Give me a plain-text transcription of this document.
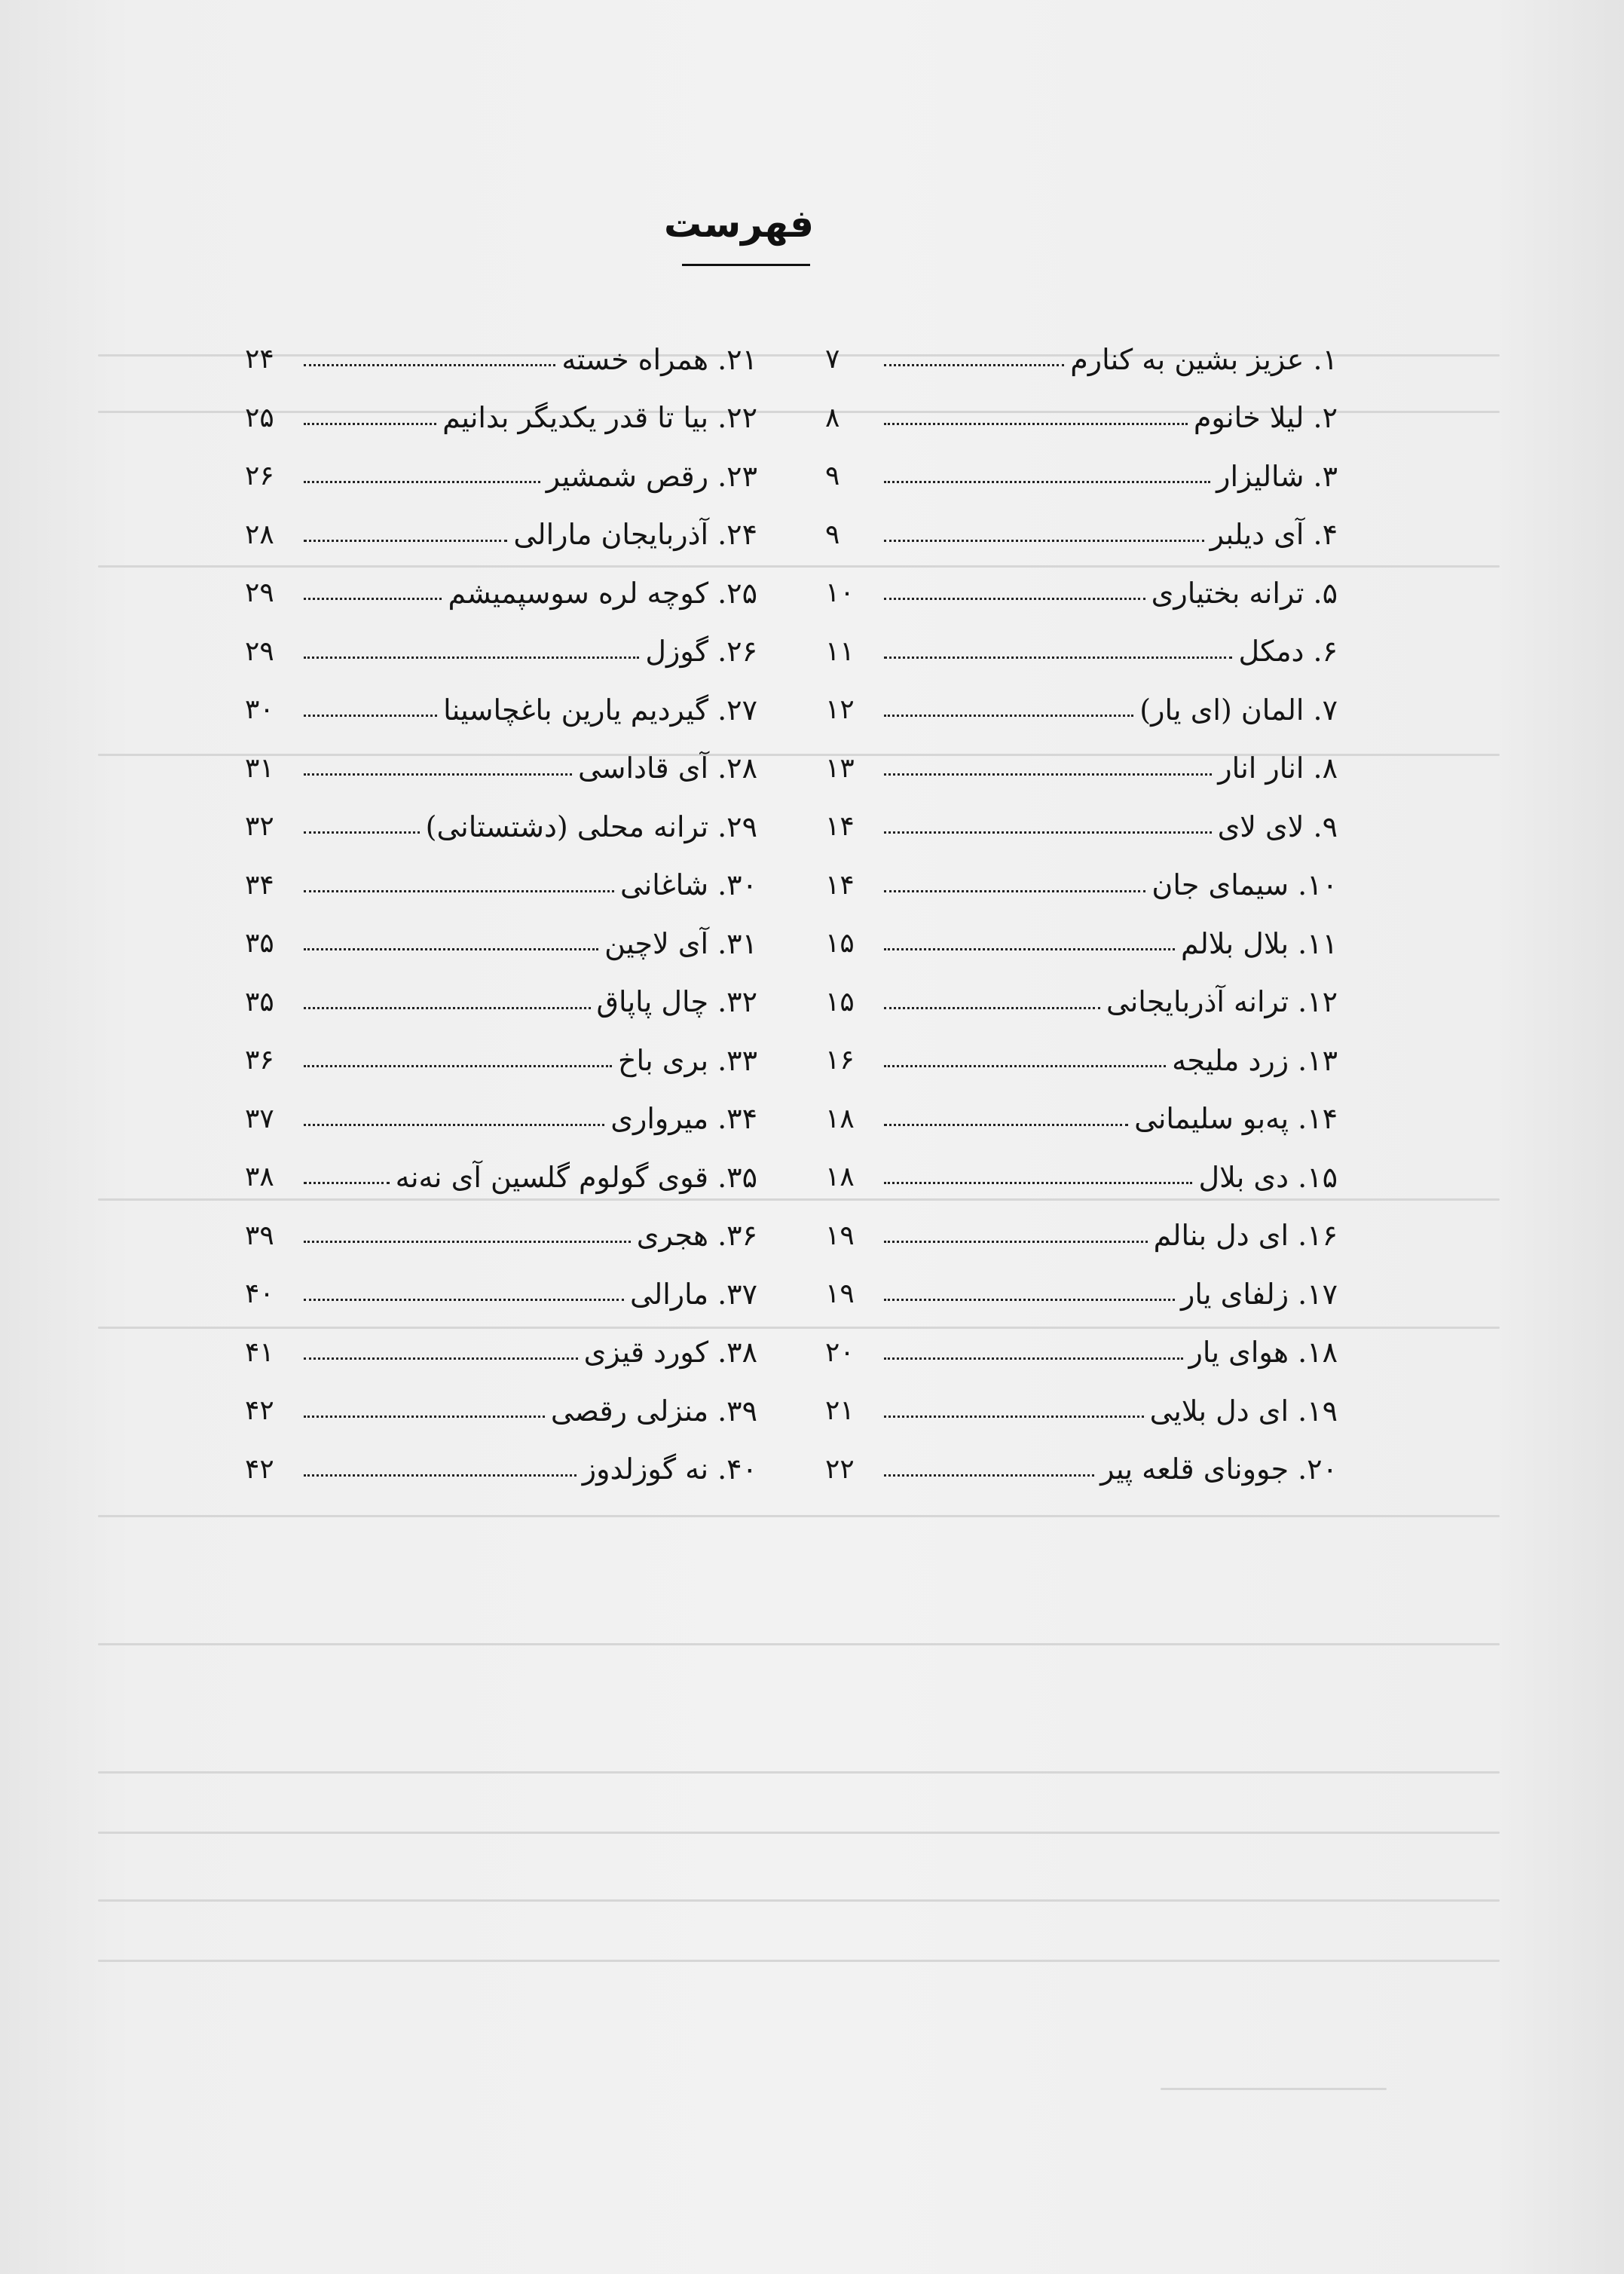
فهرست
۱.
عزیز بشین به کنارم
۷
۲.
لیلا خانوم
۸
۳.
شالیزار
۹
۴.
آی دیلبر
۹
۵.
ترانه بختیاری
۱۰
۶.
دمکل
۱۱
۷.
المان (ای یار)
۱۲
۸.
انار انار
۱۳
۹.
لای لای
۱۴
۱۰.
سیمای جان
۱۴
۱۱.
بلال بلالم
۱۵
۱۲.
ترانه آذربایجانی
۱۵
۱۳.
زرد ملیجه
۱۶
۱۴.
پەبو سلیمانی
۱۸
۱۵.
دی بلال
۱۸
۱۶.
ای دل بنالم
۱۹
۱۷.
زلفای یار
۱۹
۱۸.
هوای یار
۲۰
۱۹.
ای دل بلایی
۲۱
۲۰.
جوونای قلعه پیر
۲۲
۲۱.
همراه خسته
۲۴
۲۲.
بیا تا قدر یکدیگر بدانیم
۲۵
۲۳.
رقص شمشیر
۲۶
۲۴.
آذربایجان مارالی
۲۸
۲۵.
کوچه لره سوسپمیشم
۲۹
۲۶.
گوزل
۲۹
۲۷.
گیردیم یارین باغچاسینا
۳۰
۲۸.
آی قاداسی
۳۱
۲۹.
ترانه محلی (دشتستانی)
۳۲
۳۰.
شاغانی
۳۴
۳۱.
آی لاچین
۳۵
۳۲.
چال پاپاق
۳۵
۳۳.
بری باخ
۳۶
۳۴.
میرواری
۳۷
۳۵.
قوی گولوم گلسین آی نەنه
۳۸
۳۶.
هجری
۳۹
۳۷.
مارالی
۴۰
۳۸.
کورد قیزی
۴۱
۳۹.
منزلی رقصی
۴۲
۴۰.
نه گوزلدوز
۴۲
